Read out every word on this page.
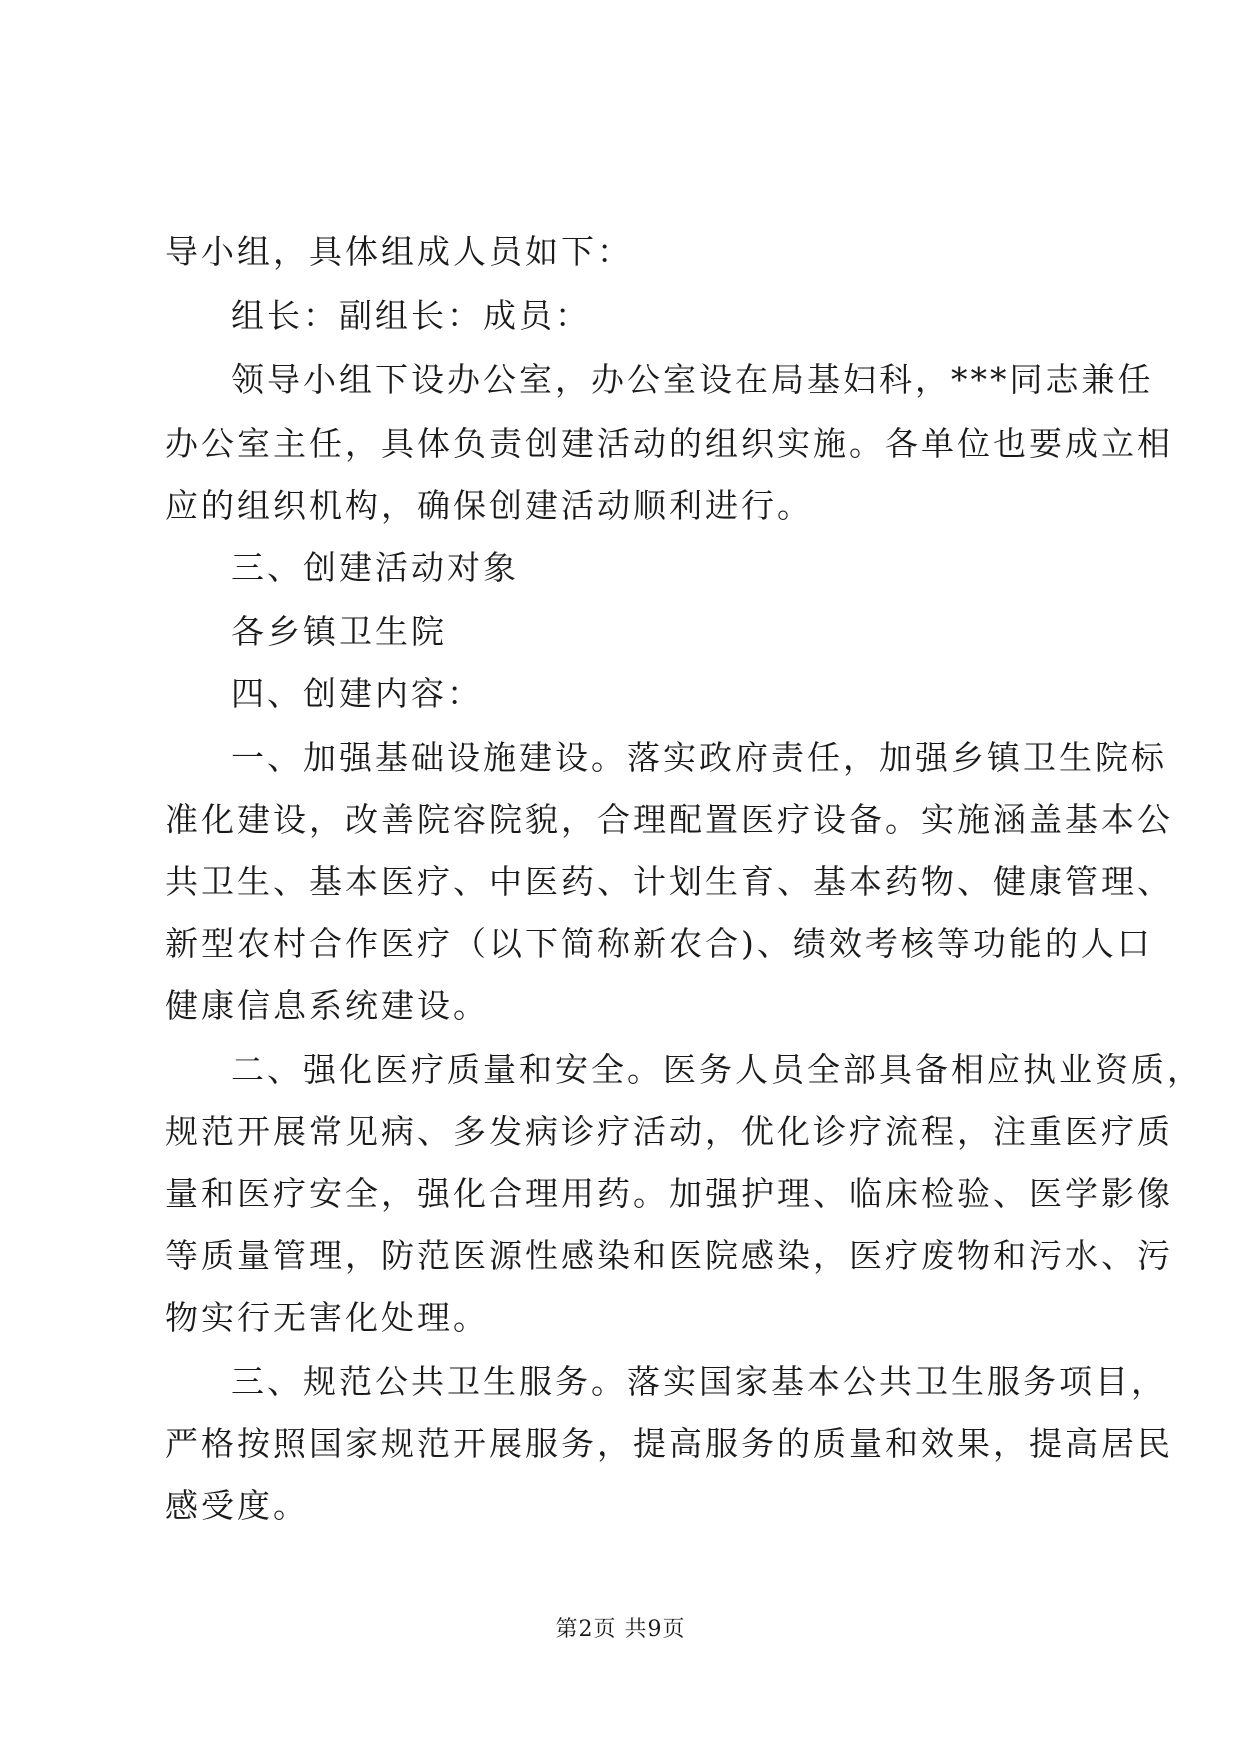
导小组，具体组成人员如下：
组长：副组长：成员：
领导小组下设办公室，办公室设在局基妇科，***同志兼任
办公室主任，具体负责创建活动的组织实施。各单位也要成立相
应的组织机构，确保创建活动顺利进行。
三、创建活动对象
各乡镇卫生院
四、创建内容：
一、加强基础设施建设。落实政府责任，加强乡镇卫生院标
准化建设，改善院容院貌，合理配置医疗设备。实施涵盖基本公
共卫生、基本医疗、中医药、计划生育、基本药物、健康管理、
新型农村合作医疗（以下简称新农合)、绩效考核等功能的人口
健康信息系统建设。
二、强化医疗质量和安全。医务人员全部具备相应执业资质，
规范开展常见病、多发病诊疗活动，优化诊疗流程，注重医疗质
量和医疗安全，强化合理用药。加强护理、临床检验、医学影像
等质量管理，防范医源性感染和医院感染，医疗废物和污水、污
物实行无害化处理。
三、规范公共卫生服务。落实国家基本公共卫生服务项目，
严格按照国家规范开展服务，提高服务的质量和效果，提高居民
感受度。
第2页 共9页
